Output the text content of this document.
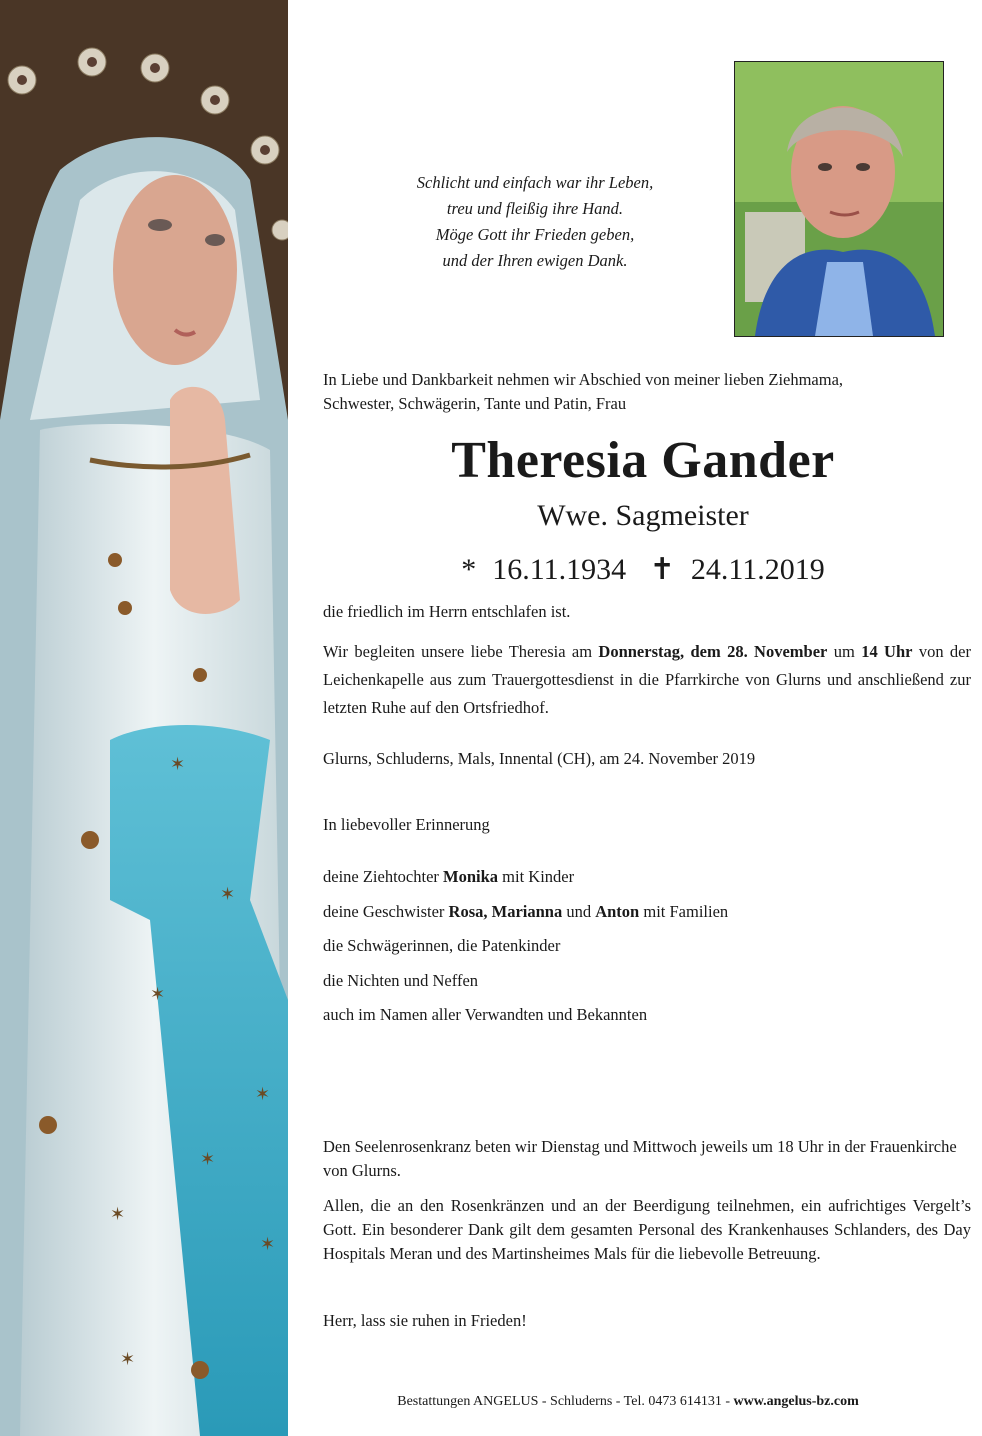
✶
✶
✶
✶
✶
✶
✶
✶
Schlicht und einfach war ihr Leben,
treu und fleißig ihre Hand.
Möge Gott ihr Frieden geben,
und der Ihren ewigen Dank.
In Liebe und Dankbarkeit nehmen wir Abschied von meiner lieben Ziehmama,
Schwester, Schwägerin, Tante und Patin, Frau
Theresia Gander
Wwe. Sagmeister
* 16.11.1934 ✝ 24.11.2019
die friedlich im Herrn entschlafen ist.

Wir begleiten unsere liebe Theresia am Donnerstag, dem 28. November um 14 Uhr von der Leichenkapelle aus zum Trauergottesdienst in die Pfarrkirche von Glurns und anschließend zur letzten Ruhe auf den Ortsfriedhof.

Glurns, Schluderns, Mals, Innental (CH), am 24. November 2019
In liebevoller Erinnerung
deine Ziehtochter Monika mit Kinder
deine Geschwister Rosa, Marianna und Anton mit Familien
die Schwägerinnen, die Patenkinder
die Nichten und Neffen
auch im Namen aller Verwandten und Bekannten

Den Seelenrosenkranz beten wir Dienstag und Mittwoch jeweils um 18 Uhr in der Frauenkirche von Glurns.

Allen, die an den Rosenkränzen und an der Beerdigung teilnehmen, ein aufrichtiges Vergelt’s Gott. Ein besonderer Dank gilt dem gesamten Personal des Krankenhauses Schlanders, des Day Hospitals Meran und des Martinsheimes Mals für die liebevolle Betreuung.

Herr, lass sie ruhen in Frieden!
Bestattungen ANGELUS - Schluderns - Tel. 0473 614131 - www.angelus-bz.com
